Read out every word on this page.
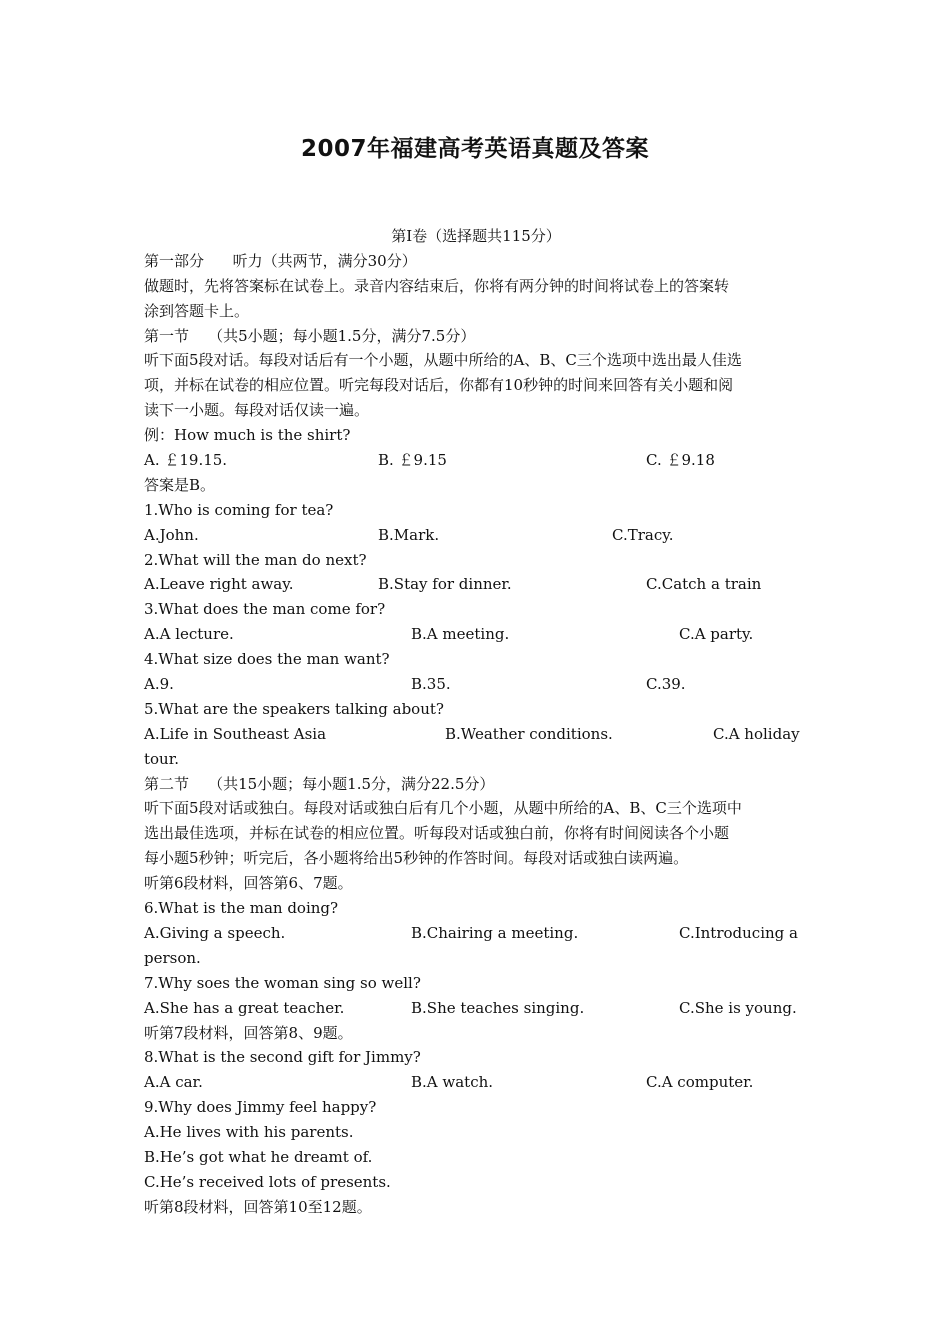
2007年福建高考英语真题及答案
第Ⅰ卷（选择题共115分）
第一部分      听力（共两节，满分30分）
做题时，先将答案标在试卷上。录音内容结束后，你将有两分钟的时间将试卷上的答案转
涂到答题卡上。
第一节    （共5小题；每小题1.5分，满分7.5分）
听下面5段对话。每段对话后有一个小题，从题中所给的A、B、C三个选项中选出最人佳选
项，并标在试卷的相应位置。听完每段对话后，你都有10秒钟的时间来回答有关小题和阅
读下一小题。每段对话仅读一遍。
例：How much is the shirt?
A. ￡19.15.	B. ￡9.15	C. ￡9.18
答案是B。
1.Who is coming for tea?
A.John.	B.Mark.	C.Tracy.
2.What will the man do next?
A.Leave right away.	B.Stay for dinner.	C.Catch a train
3.What does the man come for?
A.A lecture.	B.A meeting.	C.A party.
4.What size does the man want?
A.9.	B.35.	C.39.
5.What are the speakers talking about?
A.Life in Southeast Asia	B.Weather conditions.	C.A holiday
tour.
第二节    （共15小题；每小题1.5分，满分22.5分）
听下面5段对话或独白。每段对话或独白后有几个小题，从题中所给的A、B、C三个选项中
选出最佳选项，并标在试卷的相应位置。听每段对话或独白前，你将有时间阅读各个小题
每小题5秒钟；听完后，各小题将给出5秒钟的作答时间。每段对话或独白读两遍。
听第6段材料，回答第6、7题。
6.What is the man doing?
A.Giving a speech.	B.Chairing a meeting.	C.Introducing a
person.
7.Why soes the woman sing so well?
A.She has a great teacher.	B.She teaches singing.	C.She is young.
听第7段材料，回答第8、9题。
8.What is the second gift for Jimmy?
A.A car.	B.A watch.	C.A computer.
9.Why does Jimmy feel happy?
A.He lives with his parents.
B.He’s got what he dreamt of.
C.He’s received lots of presents.
听第8段材料，回答第10至12题。
